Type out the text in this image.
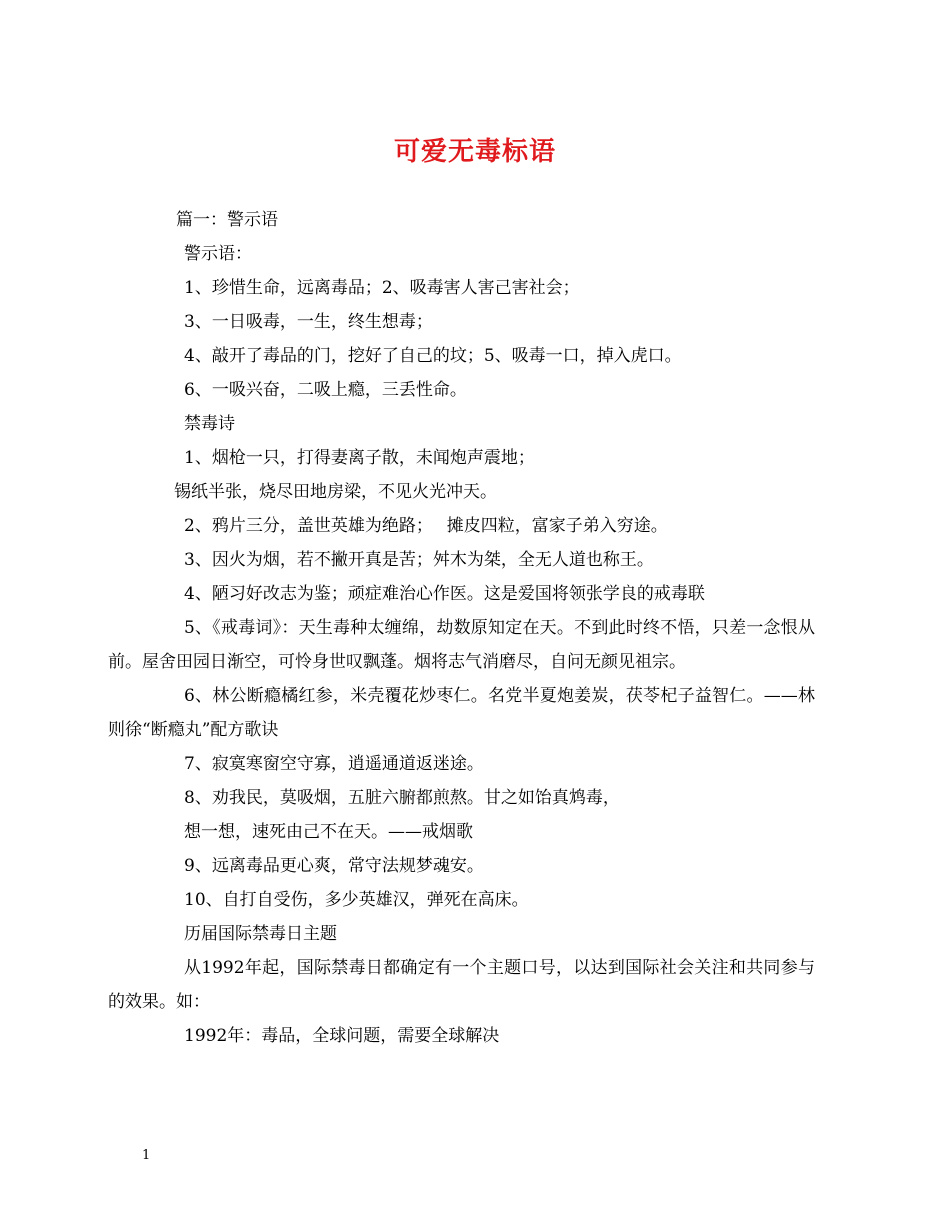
可爱无毒标语
篇一：警示语
警示语：
1、珍惜生命，远离毒品；2、吸毒害人害己害社会；
3、一日吸毒，一生，终生想毒；
4、敲开了毒品的门，挖好了自己的坟；5、吸毒一口，掉入虎口。
6、一吸兴奋，二吸上瘾，三丢性命。
禁毒诗
1、烟枪一只，打得妻离子散，未闻炮声震地；
锡纸半张，烧尽田地房梁，不见火光冲天。
2、鸦片三分，盖世英雄为绝路；　 摊皮四粒，富家子弟入穷途。
3、因火为烟，若不撇开真是苦；舛木为桀，全无人道也称王。
4、陋习好改志为鉴；顽症难治心作医。这是爱国将领张学良的戒毒联
5、《戒毒词》：天生毒种太缠绵，劫数原知定在天。不到此时终不悟，只差一念恨从前。屋舍田园日渐空，可怜身世叹飘蓬。烟将志气消磨尽，自问无颜见祖宗。
6、林公断瘾橘红参，米壳覆花炒枣仁。名党半夏炮姜炭，茯苓杞子益智仁。——林则徐“断瘾丸”配方歌诀
7、寂寞寒窗空守寡，逍遥通道返迷途。
8、劝我民，莫吸烟，五脏六腑都煎熬。甘之如饴真鸩毒，
想一想，速死由己不在天。——戒烟歌
9、远离毒品更心爽，常守法规梦魂安。
10、自打自受伤，多少英雄汉，弹死在高床。
历届国际禁毒日主题
从1992年起，国际禁毒日都确定有一个主题口号，以达到国际社会关注和共同参与的效果。如：
1992年：毒品，全球问题，需要全球解决
1
